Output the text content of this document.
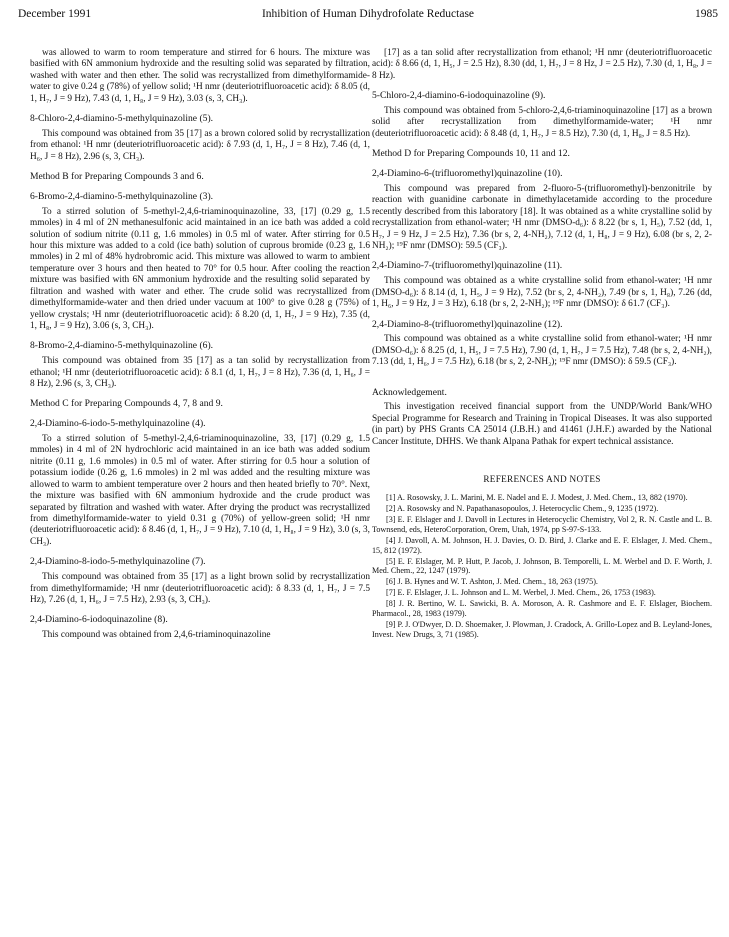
December 1991	Inhibition of Human Dihydrofolate Reductase	1985

was allowed to warm to room temperature and stirred for 6 hours. The mixture was basified with 6N ammonium hydroxide and the resulting solid was separated by filtration, washed with water and then ether. The solid was recrystallized from dimethylformamide-water to give 0.24 g (78%) of yellow solid; ¹H nmr (deuteriotrifluoroacetic acid): δ 8.05 (d, 1, H₇, J = 9 Hz), 7.43 (d, 1, H₈, J = 9 Hz), 3.03 (s, 3, CH₃).

8-Chloro-2,4-diamino-5-methylquinazoline (5).

This compound was obtained from 35 [17] as a brown colored solid by recrystallization from ethanol: ¹H nmr (deuteriotrifluoroacetic acid): δ 7.93 (d, 1, H₇, J = 8 Hz), 7.46 (d, 1, H₆, J = 8 Hz), 2.96 (s, 3, CH₃).

Method B for Preparing Compounds 3 and 6.
6-Bromo-2,4-diamino-5-methylquinazoline (3).

To a stirred solution of 5-methyl-2,4,6-triaminoquinazoline, 33, [17] (0.29 g, 1.5 mmoles) in 4 ml of 2N methanesulfonic acid maintained in an ice bath was added a cold solution of sodium nitrite (0.11 g, 1.6 mmoles) in 0.5 ml of water. After stirring for 0.5 hour this mixture was added to a cold (ice bath) solution of cuprous bromide (0.23 g, 1.6 mmoles) in 2 ml of 48% hydrobromic acid. This mixture was allowed to warm to ambient temperature over 3 hours and then heated to 70° for 0.5 hour. After cooling the reaction mixture was basified with 6N ammonium hydroxide and the resulting solid separated by filtration and washed with water and ether. The crude solid was recrystallized from dimethylformamide-water and then dried under vacuum at 100° to give 0.28 g (75%) of yellow crystals; ¹H nmr (deuteriotrifluoroacetic acid): δ 8.20 (d, 1, H₇, J = 9 Hz), 7.35 (d, 1, H₈, J = 9 Hz), 3.06 (s, 3, CH₃).

8-Bromo-2,4-diamino-5-methylquinazoline (6).

This compound was obtained from 35 [17] as a tan solid by recrystallization from ethanol; ¹H nmr (deuteriotrifluoroacetic acid): δ 8.1 (d, 1, H₇, J = 8 Hz), 7.36 (d, 1, H₆, J = 8 Hz), 2.96 (s, 3, CH₃).

Method C for Preparing Compounds 4, 7, 8 and 9.
2,4-Diamino-6-iodo-5-methylquinazoline (4).

To a stirred solution of 5-methyl-2,4,6-triaminoquinazoline, 33, [17] (0.29 g, 1.5 mmoles) in 4 ml of 2N hydrochloric acid maintained in an ice bath was added sodium nitrite (0.11 g, 1.6 mmoles) in 0.5 ml of water. After stirring for 0.5 hour a solution of potassium iodide (0.26 g, 1.6 mmoles) in 2 ml was added and the resulting mixture was allowed to warm to ambient temperature over 2 hours and then heated briefly to 70°. Next, the mixture was basified with 6N ammonium hydroxide and the crude product was separated by filtration and washed with water. After drying the product was recrystallized from dimethylformamide-water to yield 0.31 g (70%) of yellow-green solid; ¹H nmr (deuteriotrifluoroacetic acid): δ 8.46 (d, 1, H₇, J = 9 Hz), 7.10 (d, 1, H₈, J = 9 Hz), 3.0 (s, 3, CH₃).

2,4-Diamino-8-iodo-5-methylquinazoline (7).

This compound was obtained from 35 [17] as a light brown solid by recrystallization from dimethylformamide; ¹H nmr (deuteriotrifluoroacetic acid): δ 8.33 (d, 1, H₇, J = 7.5 Hz), 7.26 (d, 1, H₆, J = 7.5 Hz), 2.93 (s, 3, CH₃).

2,4-Diamino-6-iodoquinazoline (8).

This compound was obtained from 2,4,6-triaminoquinazoline

[17] as a tan solid after recrystallization from ethanol; ¹H nmr (deuteriotrifluoroacetic acid): δ 8.66 (d, 1, H₅, J = 2.5 Hz), 8.30 (dd, 1, H₇, J = 8 Hz, J = 2.5 Hz), 7.30 (d, 1, H₈, J = 8 Hz).

5-Chloro-2,4-diamino-6-iodoquinazoline (9).

This compound was obtained from 5-chloro-2,4,6-triaminoquinazoline [17] as a brown solid after recrystallization from dimethylformamide-water; ¹H nmr (deuteriotrifluoroacetic acid): δ 8.48 (d, 1, H₇, J = 8.5 Hz), 7.30 (d, 1, H₈, J = 8.5 Hz).

Method D for Preparing Compounds 10, 11 and 12.
2,4-Diamino-6-(trifluoromethyl)quinazoline (10).

This compound was prepared from 2-fluoro-5-(trifluoromethyl)-benzonitrile by reaction with guanidine carbonate in dimethylacetamide according to the procedure recently described from this laboratory [18]. It was obtained as a white crystalline solid by recrystallization from ethanol-water; ¹H nmr (DMSO-d₆): δ 8.22 (br s, 1, H₅), 7.52 (dd, 1, H₇, J = 9 Hz, J = 2.5 Hz), 7.36 (br s, 2, 4-NH₂), 7.12 (d, 1, H₈, J = 9 Hz), 6.08 (br s, 2, 2-NH₂); ¹⁹F nmr (DMSO): 59.5 (CF₃).

2,4-Diamino-7-(trifluoromethyl)quinazoline (11).

This compound was obtained as a white crystalline solid from ethanol-water; ¹H nmr (DMSO-d₆): δ 8.14 (d, 1, H₅, J = 9 Hz), 7.52 (br s, 2, 4-NH₂), 7.49 (br s, 1, H₈), 7.26 (dd, 1, H₆, J = 9 Hz, J = 3 Hz), 6.18 (br s, 2, 2-NH₂); ¹⁹F nmr (DMSO): δ 61.7 (CF₃).

2,4-Diamino-8-(trifluoromethyl)quinazoline (12).

This compound was obtained as a white crystalline solid from ethanol-water; ¹H nmr (DMSO-d₆): δ 8.25 (d, 1, H₅, J = 7.5 Hz), 7.90 (d, 1, H₇, J = 7.5 Hz), 7.48 (br s, 2, 4-NH₂), 7.13 (dd, 1, H₆, J = 7.5 Hz), 6.18 (br s, 2, 2-NH₂); ¹⁹F nmr (DMSO): δ 59.5 (CF₃).

Acknowledgement.

This investigation received financial support from the UNDP/World Bank/WHO Special Programme for Research and Training in Tropical Diseases. It was also supported (in part) by PHS Grants CA 25014 (J.B.H.) and 41461 (J.H.F.) awarded by the National Cancer Institute, DHHS. We thank Alpana Pathak for expert technical assistance.

REFERENCES AND NOTES
[1] A. Rosowsky, J. L. Marini, M. E. Nadel and E. J. Modest, J. Med. Chem., 13, 882 (1970).
[2] A. Rosowsky and N. Papathanasopoulos, J. Heterocyclic Chem., 9, 1235 (1972).
[3] E. F. Elslager and J. Davoll in Lectures in Heterocyclic Chemistry, Vol 2, R. N. Castle and L. B. Townsend, eds, HeteroCorporation, Orem, Utah, 1974, pp S-97-S-133.
[4] J. Davoll, A. M. Johnson, H. J. Davies, O. D. Bird, J. Clarke and E. F. Elslager, J. Med. Chem., 15, 812 (1972).
[5] E. F. Elslager, M. P. Hutt, P. Jacob, J. Johnson, B. Temporelli, L. M. Werbel and D. F. Worth, J. Med. Chem., 22, 1247 (1979).
[6] J. B. Hynes and W. T. Ashton, J. Med. Chem., 18, 263 (1975).
[7] E. F. Elslager, J. L. Johnson and L. M. Werbel, J. Med. Chem., 26, 1753 (1983).
[8] J. R. Bertino, W. L. Sawicki, B. A. Moroson, A. R. Cashmore and E. F. Elslager, Biochem. Pharmacol., 28, 1983 (1979).
[9] P. J. O'Dwyer, D. D. Shoemaker, J. Plowman, J. Cradock, A. Grillo-Lopez and B. Leyland-Jones, Invest. New Drugs, 3, 71 (1985).
